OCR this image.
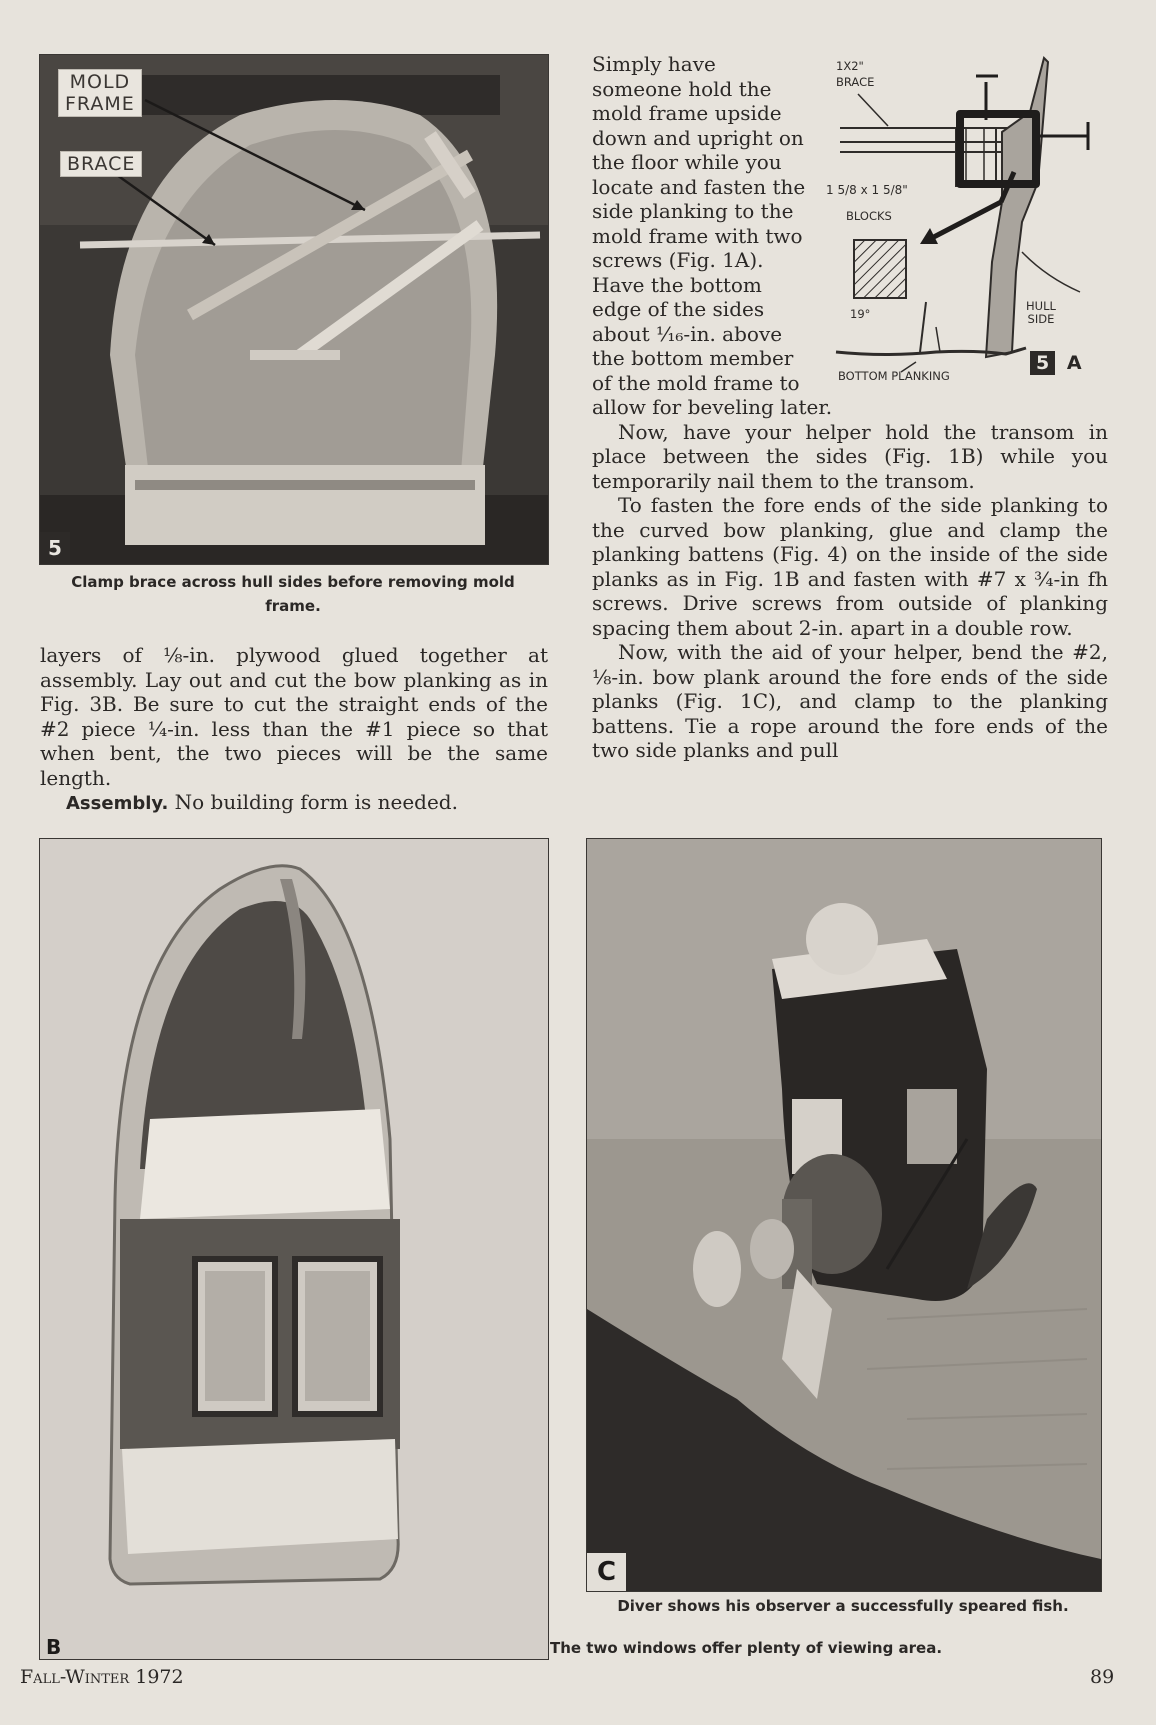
MOLD
FRAME
BRACE
5
Clamp brace across hull sides before removing mold frame.
1X2"
BRACE
1 5/8 x 1 5/8"
BLOCKS
19°
HULL
SIDE
BOTTOM PLANKING
5 A

Simply have someone hold the mold frame upside down and upright on the floor while you locate and fasten the side planking to the mold frame with two screws (Fig. 1A). Have the bottom edge of the sides about ¹⁄₁₆-in. above the bottom member of the mold frame to allow for beveling later.

Now, have your helper hold the transom in place between the sides (Fig. 1B) while you temporarily nail them to the transom.

To fasten the fore ends of the side planking to the curved bow planking, glue and clamp the planking battens (Fig. 4) on the inside of the side planks as in Fig. 1B and fasten with #7 x ¾-in fh screws. Drive screws from outside of planking spacing them about 2-in. apart in a double row.

Now, with the aid of your helper, bend the #2, ⅛-in. bow plank around the fore ends of the side planks (Fig. 1C), and clamp to the planking battens. Tie a rope around the fore ends of the two side planks and pull

layers of ⅛-in. plywood glued together at assembly. Lay out and cut the bow planking as in Fig. 3B. Be sure to cut the straight ends of the #2 piece ¼-in. less than the #1 piece so that when bent, the two pieces will be the same length.

Assembly. No building form is needed.

B
C
Diver shows his observer a successfully speared fish.
The two windows offer plenty of viewing area.
Fall-Winter 1972	89
